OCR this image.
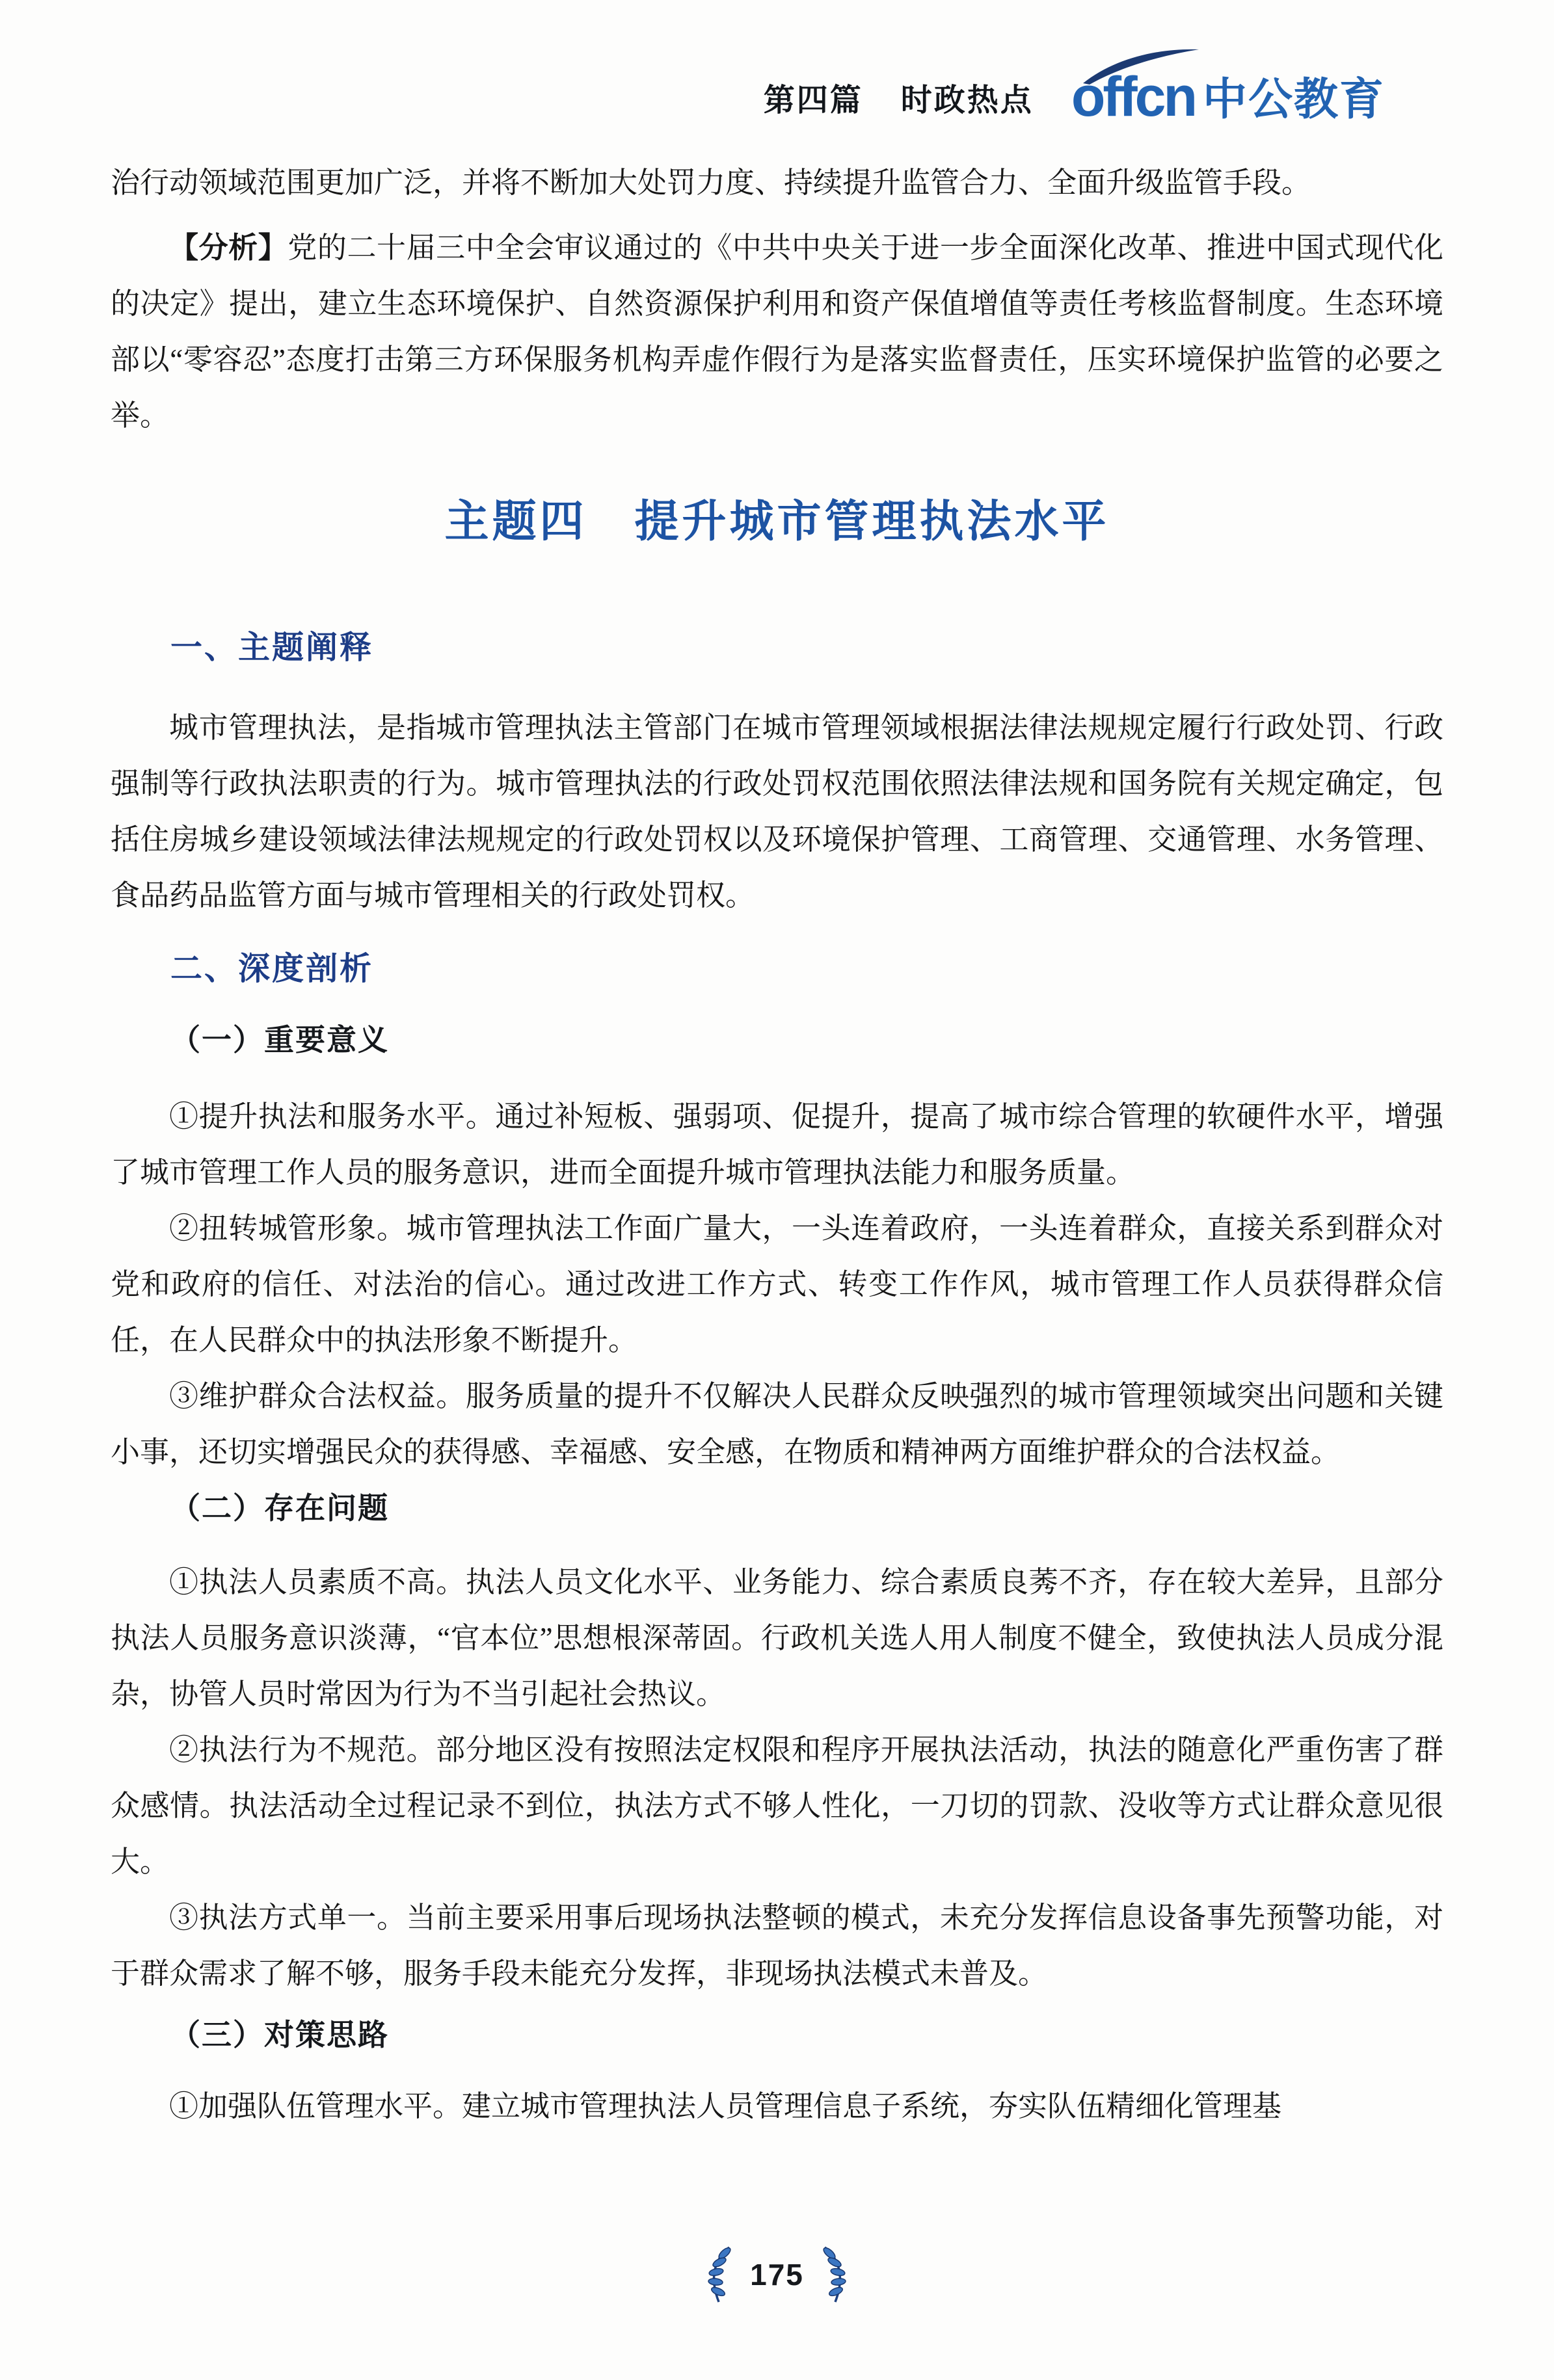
第四篇 时政热点 offcn 中公教育

治行动领域范围更加广泛，并将不断加大处罚力度、持续提升监管合力、全面升级监管手段。

【分析】党的二十届三中全会审议通过的《中共中央关于进一步全面深化改革、推进中国式现代化的决定》提出，建立生态环境保护、自然资源保护利用和资产保值增值等责任考核监督制度。生态环境部以“零容忍”态度打击第三方环保服务机构弄虚作假行为是落实监督责任，压实环境保护监管的必要之举。

主题四　提升城市管理执法水平
一、主题阐释

城市管理执法，是指城市管理执法主管部门在城市管理领域根据法律法规规定履行行政处罚、行政强制等行政执法职责的行为。城市管理执法的行政处罚权范围依照法律法规和国务院有关规定确定，包括住房城乡建设领域法律法规规定的行政处罚权以及环境保护管理、工商管理、交通管理、水务管理、食品药品监管方面与城市管理相关的行政处罚权。

二、深度剖析
（一）重要意义

①提升执法和服务水平。通过补短板、强弱项、促提升，提高了城市综合管理的软硬件水平，增强了城市管理工作人员的服务意识，进而全面提升城市管理执法能力和服务质量。

②扭转城管形象。城市管理执法工作面广量大，一头连着政府，一头连着群众，直接关系到群众对党和政府的信任、对法治的信心。通过改进工作方式、转变工作作风，城市管理工作人员获得群众信任，在人民群众中的执法形象不断提升。

③维护群众合法权益。服务质量的提升不仅解决人民群众反映强烈的城市管理领域突出问题和关键小事，还切实增强民众的获得感、幸福感、安全感，在物质和精神两方面维护群众的合法权益。

（二）存在问题

①执法人员素质不高。执法人员文化水平、业务能力、综合素质良莠不齐，存在较大差异，且部分执法人员服务意识淡薄，“官本位”思想根深蒂固。行政机关选人用人制度不健全，致使执法人员成分混杂，协管人员时常因为行为不当引起社会热议。

②执法行为不规范。部分地区没有按照法定权限和程序开展执法活动，执法的随意化严重伤害了群众感情。执法活动全过程记录不到位，执法方式不够人性化，一刀切的罚款、没收等方式让群众意见很大。

③执法方式单一。当前主要采用事后现场执法整顿的模式，未充分发挥信息设备事先预警功能，对于群众需求了解不够，服务手段未能充分发挥，非现场执法模式未普及。

（三）对策思路

①加强队伍管理水平。建立城市管理执法人员管理信息子系统，夯实队伍精细化管理基

175
